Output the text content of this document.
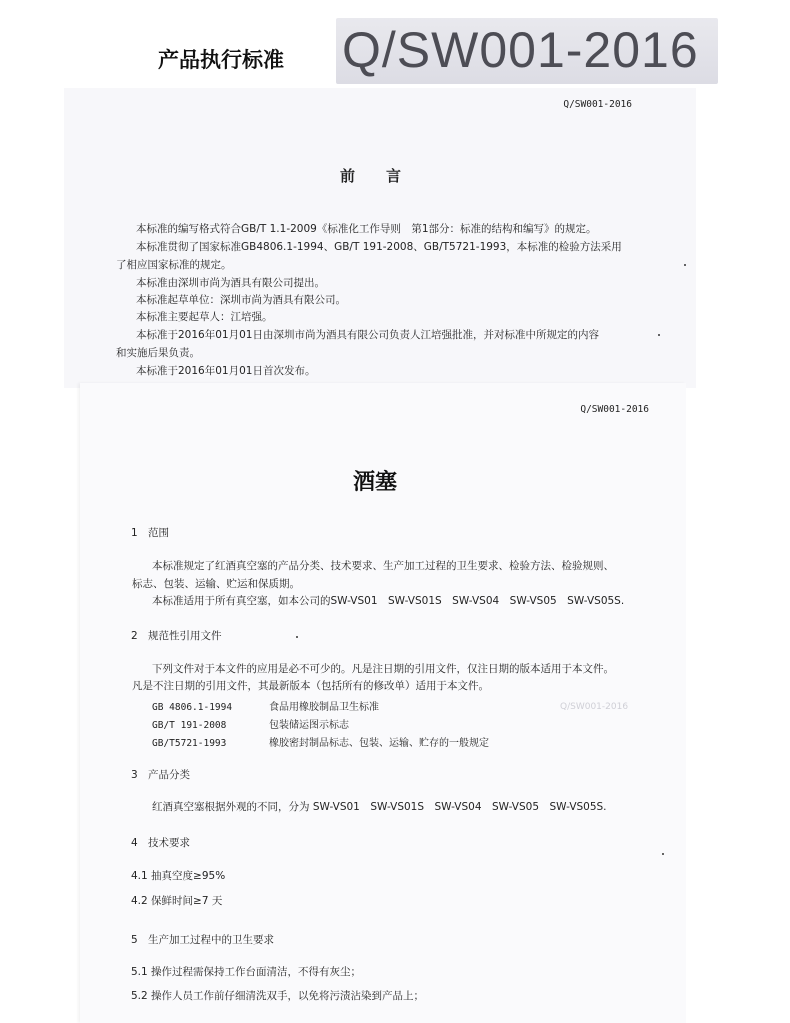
产品执行标准 Q/SW001-2016
Q/SW001-2016
前言
本标准的编写格式符合GB/T 1.1-2009《标准化工作导则　第1部分：标准的结构和编写》的规定。
本标准贯彻了国家标准GB4806.1-1994、GB/T 191-2008、GB/T5721-1993，本标准的检验方法采用
了相应国家标准的规定。
本标准由深圳市尚为酒具有限公司提出。
本标准起草单位：深圳市尚为酒具有限公司。
本标准主要起草人：江培强。
本标准于2016年01月01日由深圳市尚为酒具有限公司负责人江培强批准，并对标准中所规定的内容
和实施后果负责。
本标准于2016年01月01日首次发布。
Q/SW001-2016
酒塞
1 范围
本标准规定了红酒真空塞的产品分类、技术要求、生产加工过程的卫生要求、检验方法、检验规则、
标志、包装、运输、贮运和保质期。
本标准适用于所有真空塞，如本公司的SW-VS01　SW-VS01S　SW-VS04　SW-VS05　SW-VS05S.
2 规范性引用文件
下列文件对于本文件的应用是必不可少的。凡是注日期的引用文件，仅注日期的版本适用于本文件。
凡是不注日期的引用文件，其最新版本（包括所有的修改单）适用于本文件。
GB 4806.1-1994	食品用橡胶制品卫生标准
GB/T 191-2008	包装储运图示标志
GB/T5721-1993	橡胶密封制品标志、包装、运输、贮存的一般规定
Q/SW001-2016
3 产品分类
红酒真空塞根据外观的不同，分为 SW-VS01　SW-VS01S　SW-VS04　SW-VS05　SW-VS05S.
4 技术要求
4.1 抽真空度≥95%
4.2 保鲜时间≥7 天
5 生产加工过程中的卫生要求
5.1 操作过程需保持工作台面清洁，不得有灰尘；
5.2 操作人员工作前仔细清洗双手，以免将污渍沾染到产品上；
